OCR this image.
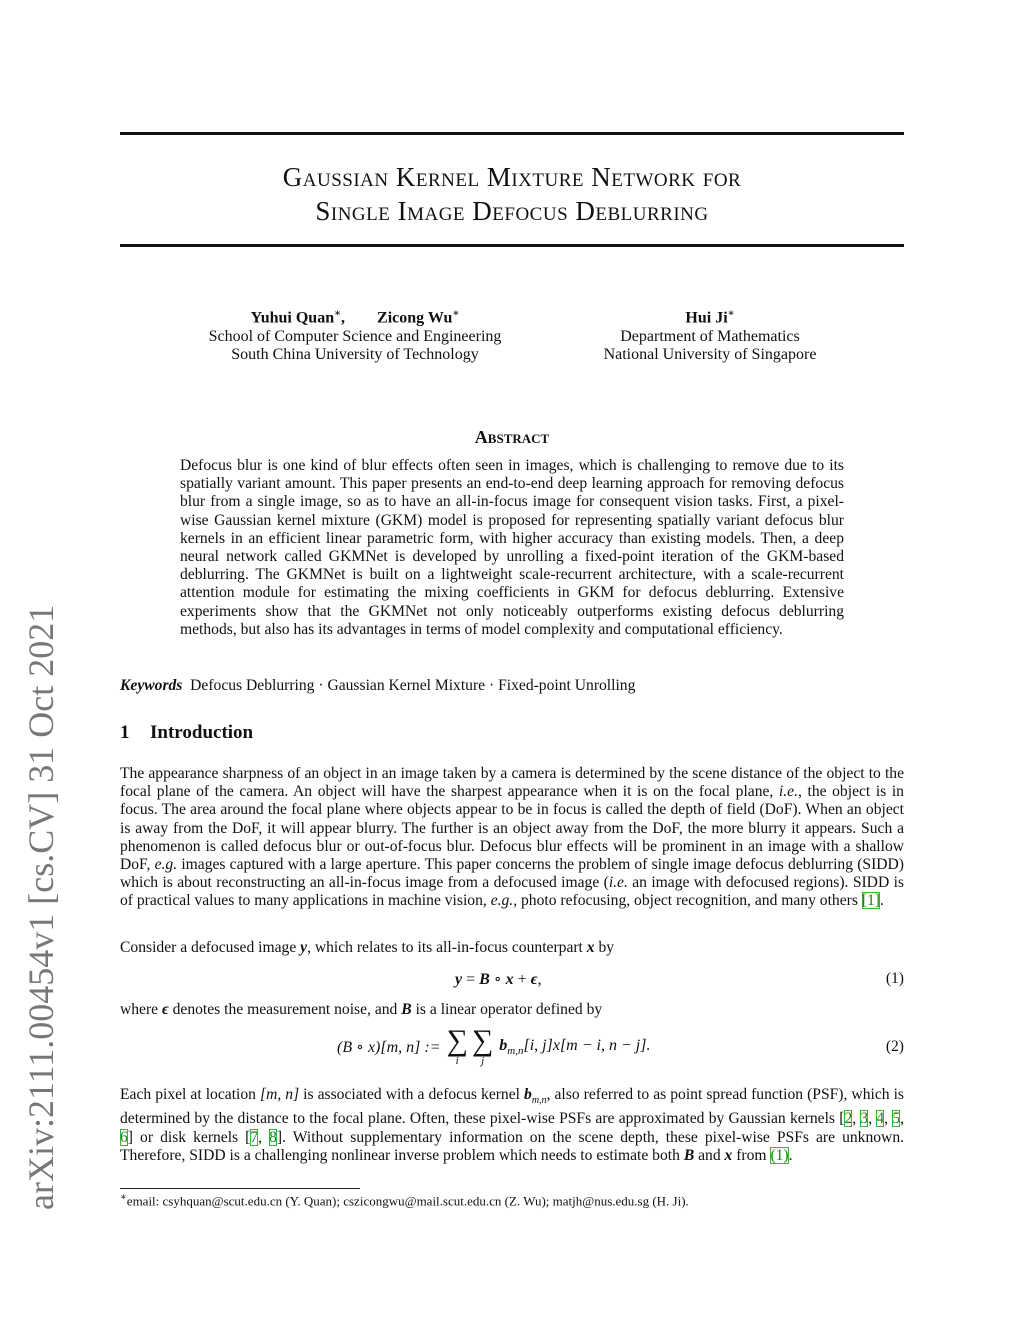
arXiv:2111.00454v1 [cs.CV] 31 Oct 2021
Gaussian Kernel Mixture Network for
Single Image Defocus Deblurring
Yuhui Quan∗,        Zicong Wu∗
School of Computer Science and Engineering
South China University of Technology
Hui Ji∗
Department of Mathematics
National University of Singapore
Abstract
Defocus blur is one kind of blur effects often seen in images, which is challenging to remove due to its spatially variant amount. This paper presents an end-to-end deep learning approach for removing defocus blur from a single image, so as to have an all-in-focus image for consequent vision tasks. First, a pixel-wise Gaussian kernel mixture (GKM) model is proposed for representing spatially variant defocus blur kernels in an efficient linear parametric form, with higher accuracy than existing models. Then, a deep neural network called GKMNet is developed by unrolling a fixed-point iteration of the GKM-based deblurring. The GKMNet is built on a lightweight scale-recurrent architecture, with a scale-recurrent attention module for estimating the mixing coefficients in GKM for defocus deblurring. Extensive experiments show that the GKMNet not only noticeably outperforms existing defocus deblurring methods, but also has its advantages in terms of model complexity and computational efficiency.
Keywords Defocus Deblurring · Gaussian Kernel Mixture · Fixed-point Unrolling
1 Introduction
The appearance sharpness of an object in an image taken by a camera is determined by the scene distance of the object to the focal plane of the camera. An object will have the sharpest appearance when it is on the focal plane, i.e., the object is in focus. The area around the focal plane where objects appear to be in focus is called the depth of field (DoF). When an object is away from the DoF, it will appear blurry. The further is an object away from the DoF, the more blurry it appears. Such a phenomenon is called defocus blur or out-of-focus blur. Defocus blur effects will be prominent in an image with a shallow DoF, e.g. images captured with a large aperture. This paper concerns the problem of single image defocus deblurring (SIDD) which is about reconstructing an all-in-focus image from a defocused image (i.e. an image with defocused regions). SIDD is of practical values to many applications in machine vision, e.g., photo refocusing, object recognition, and many others [1].
Consider a defocused image y, which relates to its all-in-focus counterpart x by
y = B ∘ x + ϵ,	(1)
where ϵ denotes the measurement noise, and B is a linear operator defined by
(B ∘ x)[m, n] := ∑
i
∑
j
$b_{m,n}[i$, j]x[m − i, n − j].	(2)
Each pixel at location [m, n] is associated with a defocus kernel $b_{m,n}$, also referred to as point spread function (PSF), which is determined by the distance to the focal plane. Often, these pixel-wise PSFs are approximated by Gaussian kernels [2, 3, 4, 5, 6] or disk kernels [7, 8]. Without supplementary information on the scene depth, these pixel-wise PSFs are unknown. Therefore, SIDD is a challenging nonlinear inverse problem which needs to estimate both B and x from (1).
∗email: csyhquan@scut.edu.cn (Y. Quan); cszicongwu@mail.scut.edu.cn (Z. Wu); matjh@nus.edu.sg (H. Ji).
